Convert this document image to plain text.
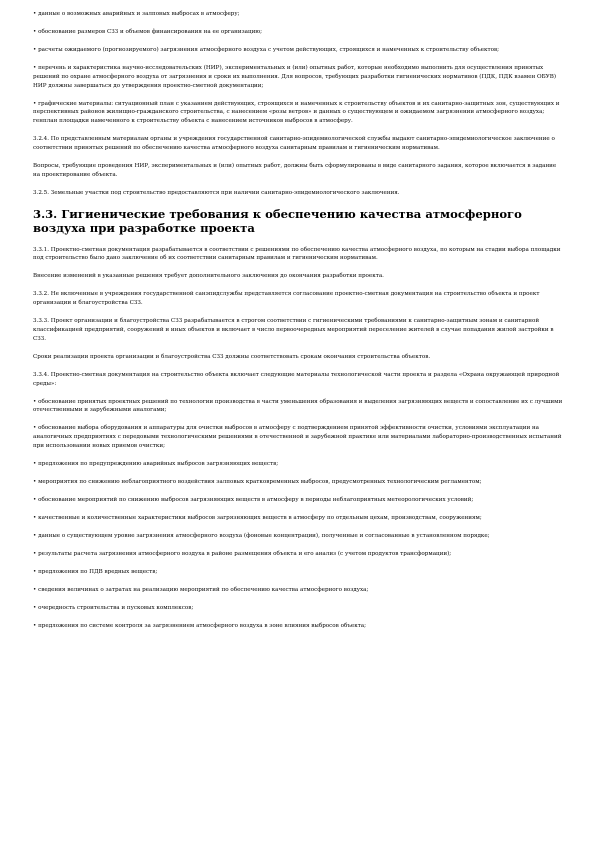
• данные о возможных аварийных и залповых выбросах в атмосферу;

• обоснование размеров СЗЗ и объемов финансирования на ее организацию;

• расчеты ожидаемого (прогнозируемого) загрязнения атмосферного воздуха с учетом действующих, строящихся и намеченных к строительству объектов;

• перечень и характеристика научно-исследовательских (НИР), экспериментальных и (или) опытных работ, которые необходимо выполнить для осуществления принятых решений по охране атмосферного воздуха от загрязнения и сроки их выполнения. Для вопросов, требующих разработки гигиенических нормативов (ПДК, ПДК взамен ОБУВ) НИР должны завершаться до утверждения проектно-сметной документации;

• графические материалы: ситуационный план с указанием действующих, строящихся и намеченных к строительству объектов и их санитарно-защитных зон, существующих и перспективных районов жилищно-гражданского строительства, с нанесением «розы ветров» и данных о существующем и ожидаемом загрязнении атмосферного воздуха; генплан площадки намеченного к строительству объекта с нанесением источников выбросов в атмосферу.

3.2.4. По представленным материалам органы и учреждения государственной санитарно-эпидемиологической службы выдают санитарно-эпидемиологическое заключение о соответствии принятых решений по обеспечению качества атмосферного воздуха санитарным правилам и гигиеническим нормативам.

Вопросы, требующие проведения НИР, экспериментальных и (или) опытных работ, должны быть сформулированы в виде санитарного задания, которое включается в задание на проектирование объекта.

3.2.5. Земельные участки под строительство предоставляются при наличии санитарно-эпидемиологического заключения.

3.3. Гигиенические требования к обеспечению качества атмосферного воздуха при разработке проекта

3.3.1. Проектно-сметная документация разрабатывается в соответствии с решениями по обеспечению качества атмосферного воздуха, по которым на стадии выбора площадки под строительство было дано заключение об их соответствии санитарным правилам и гигиеническим нормативам.

Внесение изменений в указанные решения требует дополнительного заключения до окончания разработки проекта.

3.3.2. Не включенные в учреждения государственной санэпидслужбы представляется согласование проектно-сметная документация на строительство объекта и проект организации и благоустройства СЗЗ.

3.3.3. Проект организации и благоустройства СЗЗ разрабатывается в строгом соответствии с гигиеническими требованиями к санитарно-защитным зонам и санитарной классификацией предприятий, сооружений и иных объектов и включает в число первоочередных мероприятий переселение жителей в случае попадания жилой застройки в СЗЗ.

Сроки реализации проекта организации и благоустройства СЗЗ должны соответствовать срокам окончания строительства объектов.

3.3.4. Проектно-сметная документация на строительство объекта включает следующие материалы технологической части проекта и раздела «Охрана окружающей природной среды»:

• обоснование принятых проектных решений по технологии производства в части уменьшения образования и выделения загрязняющих веществ и сопоставление их с лучшими отечественными и зарубежными аналогами;

• обоснование выбора оборудования и аппаратуры для очистки выбросов в атмосферу с подтверждением принятой эффективности очистки, условиями эксплуатации на аналогичных предприятиях с передовыми технологическими решениями в отечественной и зарубежной практике или материалами лабораторно-производственных испытаний при использовании новых приемов очистки;

• предложения по предупреждению аварийных выбросов загрязняющих веществ;

• мероприятия по снижению неблагоприятного воздействия залповых кратковременных выбросов, предусмотренных технологическим регламентом;

• обоснование мероприятий по снижению выбросов загрязняющих веществ в атмосферу в периоды неблагоприятных метеорологических условий;

• качественные и количественные характеристики выбросов загрязняющих веществ в атмосферу по отдельным цехам, производствам, сооружениям;

• данные о существующем уровне загрязнения атмосферного воздуха (фоновые концентрации), полученные и согласованные в установленном порядке;

• результаты расчета загрязнения атмосферного воздуха в районе размещения объекта и его анализ (с учетом продуктов трансформации);

• предложения по ПДВ вредных веществ;

• сведения величинах о затратах на реализацию мероприятий по обеспечению качества атмосферного воздуха;

• очередность строительства и пусковых комплексов;

• предложения по системе контроля за загрязнением атмосферного воздуха в зоне влияния выбросов объекта;
